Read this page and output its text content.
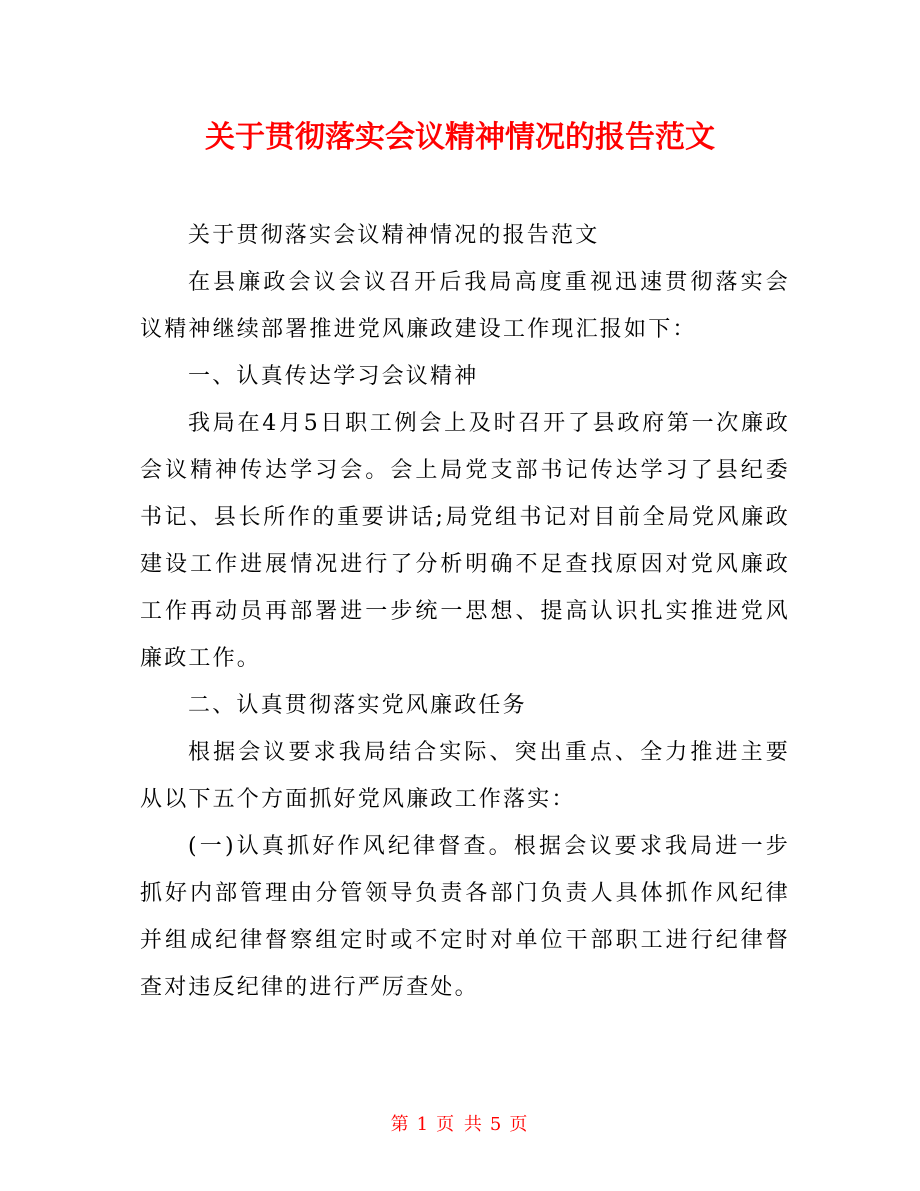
关于贯彻落实会议精神情况的报告范文

关于贯彻落实会议精神情况的报告范文

在县廉政会议会议召开后我局高度重视迅速贯彻落实会议精神继续部署推进党风廉政建设工作现汇报如下：

一、认真传达学习会议精神

我局在4月5日职工例会上及时召开了县政府第一次廉政会议精神传达学习会。会上局党支部书记传达学习了县纪委书记、县长所作的重要讲话;局党组书记对目前全局党风廉政建设工作进展情况进行了分析明确不足查找原因对党风廉政工作再动员再部署进一步统一思想、提高认识扎实推进党风廉政工作。

二、认真贯彻落实党风廉政任务

根据会议要求我局结合实际、突出重点、全力推进主要从以下五个方面抓好党风廉政工作落实：

(一)认真抓好作风纪律督查。根据会议要求我局进一步抓好内部管理由分管领导负责各部门负责人具体抓作风纪律并组成纪律督察组定时或不定时对单位干部职工进行纪律督查对违反纪律的进行严厉查处。

第 1 页 共 5 页
